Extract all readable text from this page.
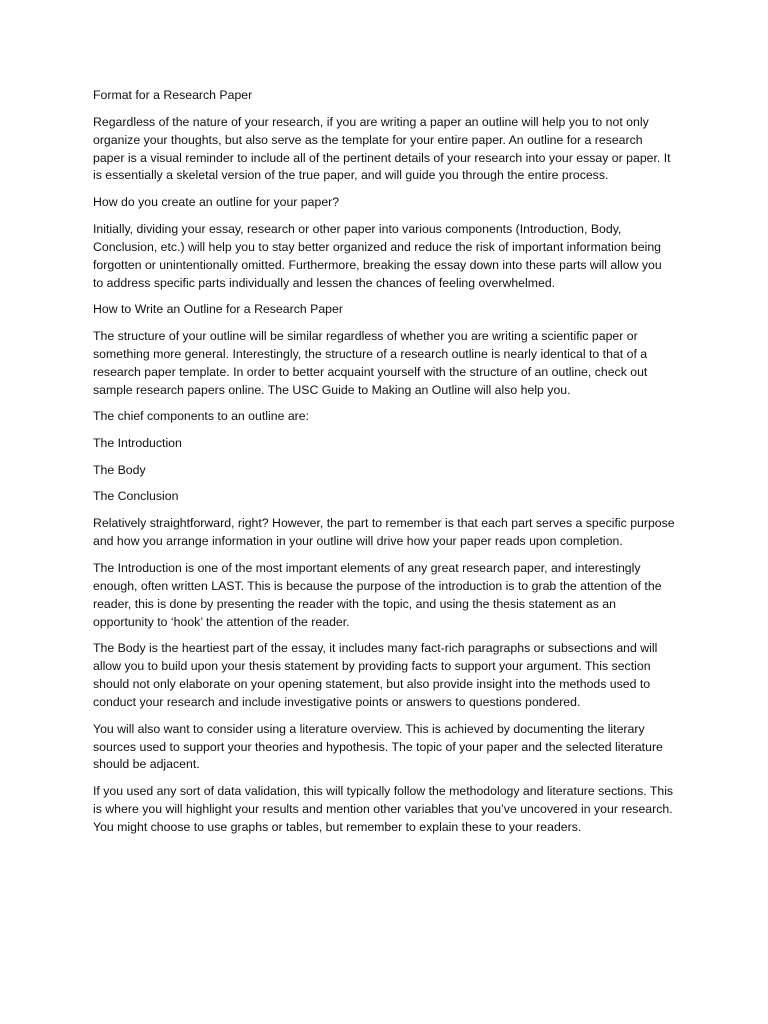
Format for a Research Paper

Regardless of the nature of your research, if you are writing a paper an outline will help you to not only organize your thoughts, but also serve as the template for your entire paper. An outline for a research paper is a visual reminder to include all of the pertinent details of your research into your essay or paper. It is essentially a skeletal version of the true paper, and will guide you through the entire process.

How do you create an outline for your paper?

Initially, dividing your essay, research or other paper into various components (Introduction, Body, Conclusion, etc.) will help you to stay better organized and reduce the risk of important information being forgotten or unintentionally omitted. Furthermore, breaking the essay down into these parts will allow you to address specific parts individually and lessen the chances of feeling overwhelmed.

How to Write an Outline for a Research Paper

The structure of your outline will be similar regardless of whether you are writing a scientific paper or something more general. Interestingly, the structure of a research outline is nearly identical to that of a research paper template. In order to better acquaint yourself with the structure of an outline, check out sample research papers online. The USC Guide to Making an Outline will also help you.

The chief components to an outline are:

The Introduction

The Body

The Conclusion

Relatively straightforward, right? However, the part to remember is that each part serves a specific purpose and how you arrange information in your outline will drive how your paper reads upon completion.

The Introduction is one of the most important elements of any great research paper, and interestingly enough, often written LAST. This is because the purpose of the introduction is to grab the attention of the reader, this is done by presenting the reader with the topic, and using the thesis statement as an opportunity to ‘hook’ the attention of the reader.

The Body is the heartiest part of the essay, it includes many fact-rich paragraphs or subsections and will allow you to build upon your thesis statement by providing facts to support your argument. This section should not only elaborate on your opening statement, but also provide insight into the methods used to conduct your research and include investigative points or answers to questions pondered.

You will also want to consider using a literature overview. This is achieved by documenting the literary sources used to support your theories and hypothesis. The topic of your paper and the selected literature should be adjacent.

If you used any sort of data validation, this will typically follow the methodology and literature sections. This is where you will highlight your results and mention other variables that you’ve uncovered in your research. You might choose to use graphs or tables, but remember to explain these to your readers.
